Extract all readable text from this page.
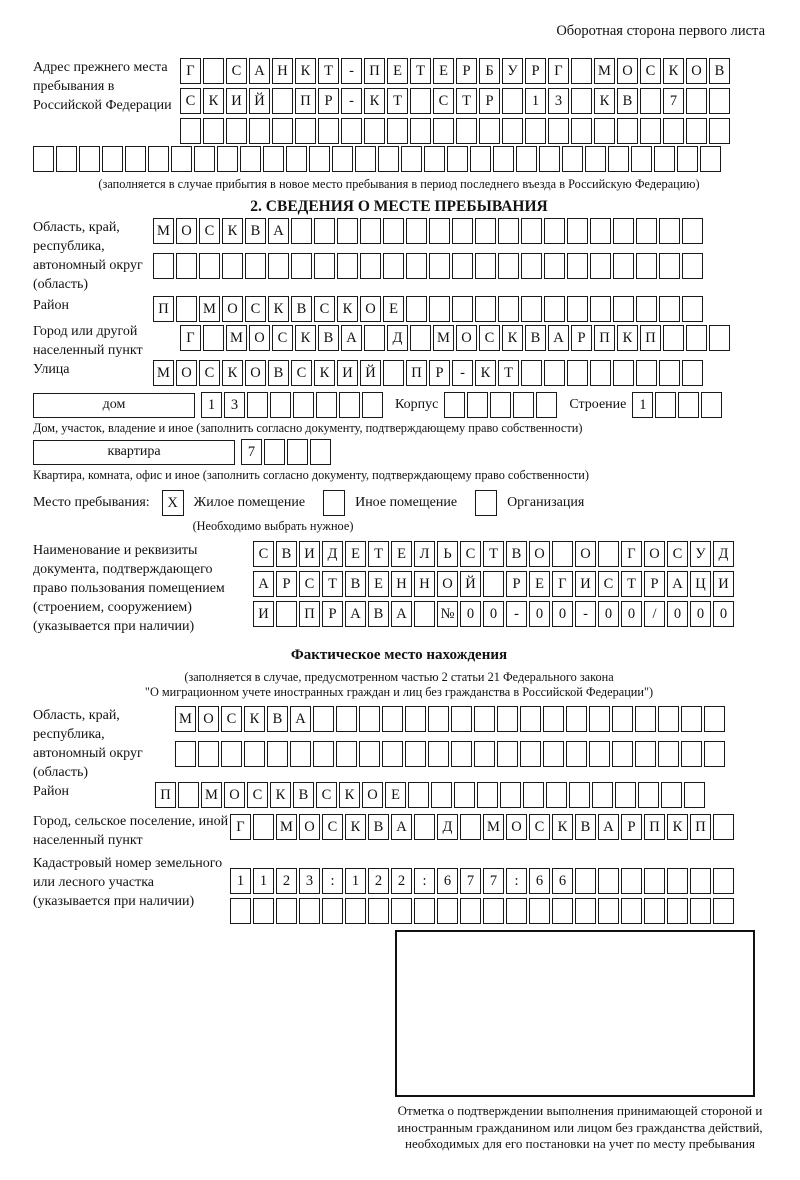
Оборотная сторона первого листа
Адрес прежнего места пребывания в Российской Федерации
Г	С А Н К Т	-	П Е Т Е	Р	Б У Р	Г	М О С К О В
С К И Й	П Р	-	К Т	С Т	Р	1	3	К В	7
(заполняется в случае прибытия в новое место пребывания в период последнего въезда в Российскую Федерацию)
2. СВЕДЕНИЯ О МЕСТЕ ПРЕБЫВАНИЯ
Область, край, республика, автономный округ (область)
М О С К В А
Район	П	М О С К В С К О Е
Город или другой населенный пункт
Г	М О С К В А	Д	М О С К В А Р П К П
Улица	М О С К О В С К И Й	П Р	-	К Т
дом	1	3	Корпус	Строение 1
Дом, участок, владение и иное (заполнить согласно документу, подтверждающему право собственности)
квартира	7
Квартира, комната, офис и иное (заполнить согласно документу, подтверждающему право собственности)
Место пребывания:	X	Жилое помещение	Иное помещение	Организация
(Необходимо выбрать нужное)
Наименование и реквизиты документа, подтверждающего право пользования помещением (строением, сооружением) (указывается при наличии)
С В И Д Е Т Е Л Ь С Т В О	О	Г О С У Д
А Р С Т В Е Н Н О Й	Р	Е Г И С Т	Р А Ц И
И	П Р А В А	№ 0	0	-	0	0	-	0	0	/	0	0	0
Фактическое место нахождения
(заполняется в случае, предусмотренном частью 2 статьи 21 Федерального закона
"О миграционном учете иностранных граждан и лиц без гражданства в Российской Федерации")
Область, край, республика, автономный округ (область)
М О С К В А
Район	П	М О С К В С К О Е
Город, сельское поселение, иной населенный пункт
Г	М О С К В А	Д	М О С К В А Р П К П
Кадастровый номер земельного или лесного участка (указывается при наличии)
1	1	2	3	:	1	2	2	:	6	7	7	:	6	6
Отметка о подтверждении выполнения принимающей стороной и иностранным гражданином или лицом без гражданства действий, необходимых для его постановки на учет по месту пребывания
